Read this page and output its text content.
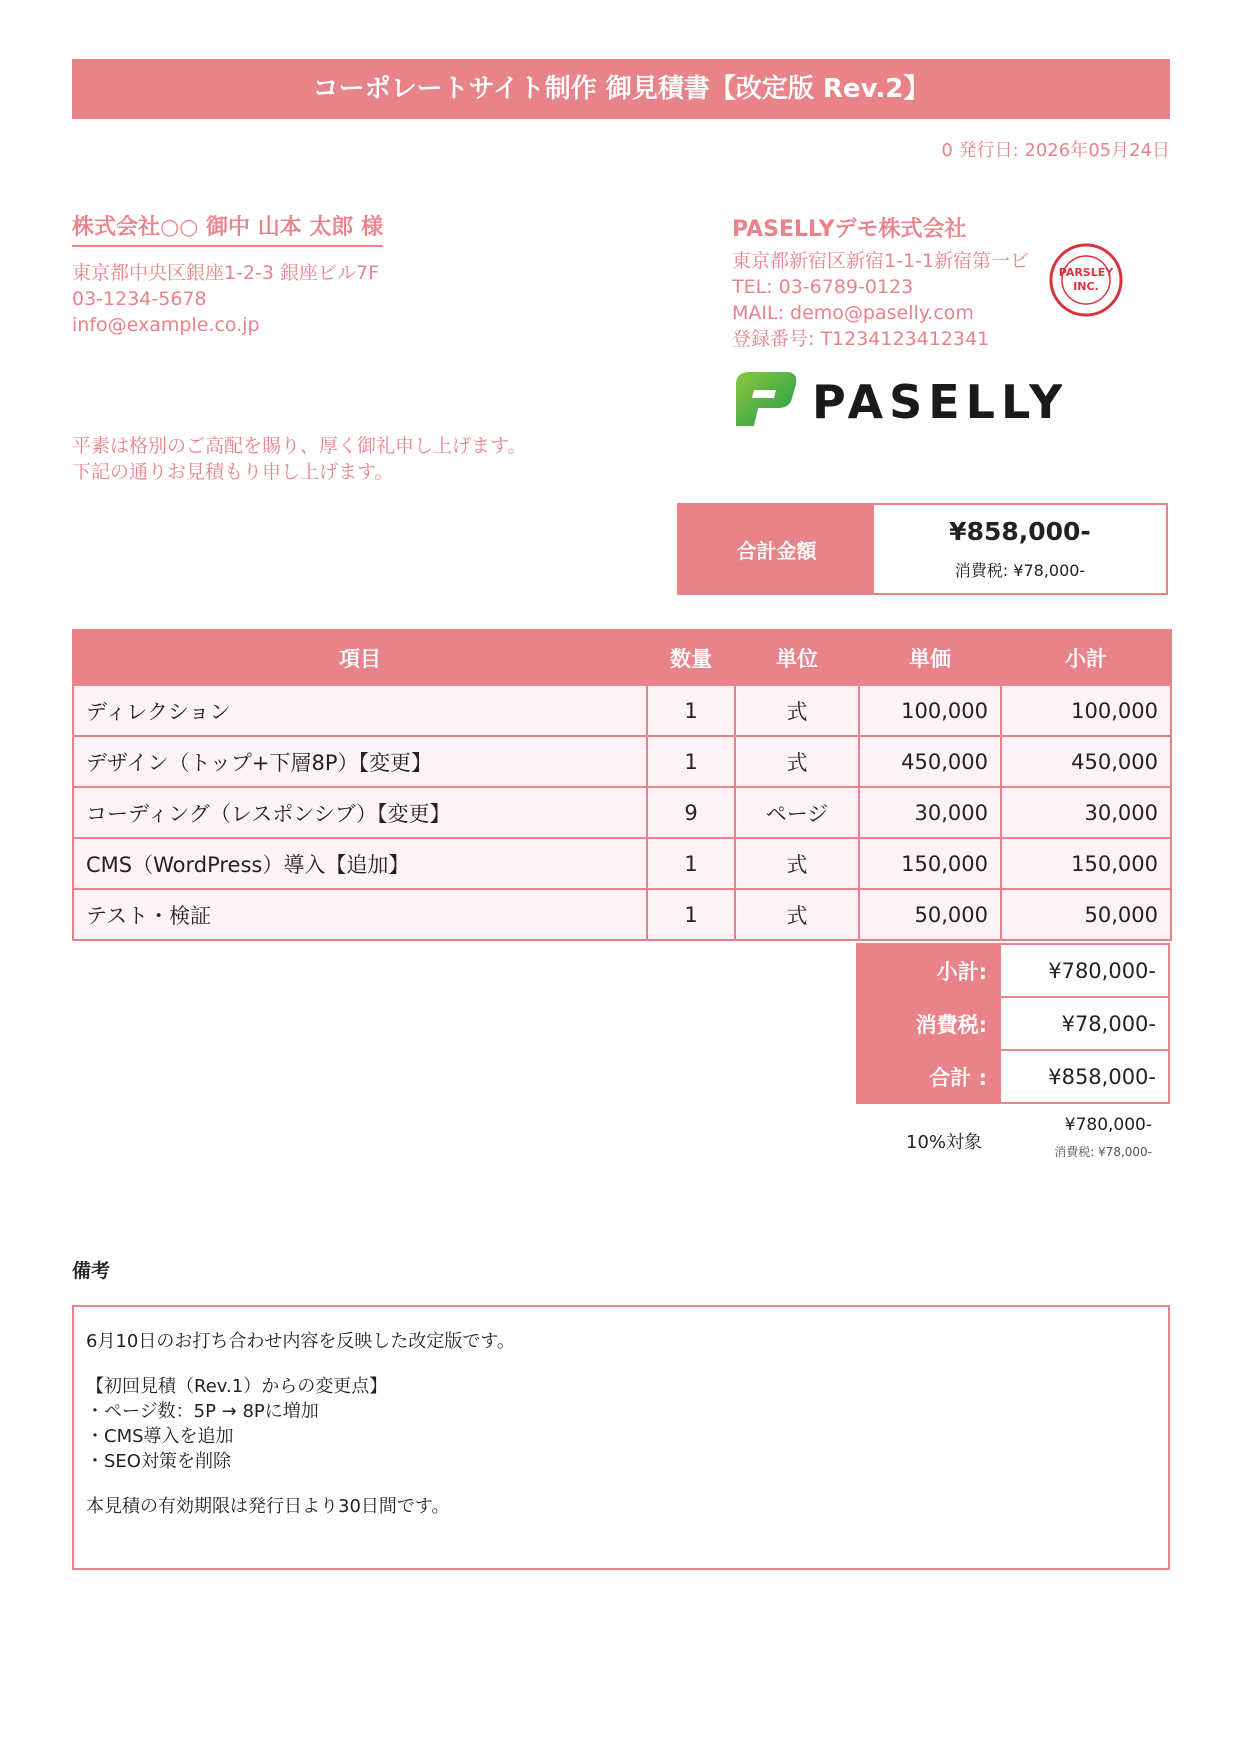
コーポレートサイト制作 御見積書【改定版 Rev.2】
0 発行日: 2026年05月24日
株式会社○○ 御中 山本 太郎 様
東京都中央区銀座1-2-3 銀座ビル7F
03-1234-5678
info@example.co.jp
PASELLYデモ株式会社
東京都新宿区新宿1-1-1新宿第一ビ
TEL: 03-6789-0123
MAIL: demo@paselly.com
登録番号: T1234123412341
PARSLEY
INC.
PASELLY
平素は格別のご高配を賜り、厚く御礼申し上げます。
下記の通りお見積もり申し上げます。
合計金額
¥858,000-
消費税: ¥78,000-
項目	数量	単位	単価	小計
ディレクション	1	式	100,000	100,000
デザイン（トップ+下層8P）【変更】	1	式	450,000	450,000
コーディング（レスポンシブ）【変更】	9	ページ	30,000	30,000
CMS（WordPress）導入【追加】	1	式	150,000	150,000
テスト・検証	1	式	50,000	50,000
小計:	¥780,000-
消費税:	¥78,000-
合計 :	¥858,000-
10%対象
¥780,000-
消費税: ¥78,000-
備考

6月10日のお打ち合わせ内容を反映した改定版です。

【初回見積（Rev.1）からの変更点】

・ページ数：5P → 8Pに増加

・CMS導入を追加

・SEO対策を削除

本見積の有効期限は発行日より30日間です。
